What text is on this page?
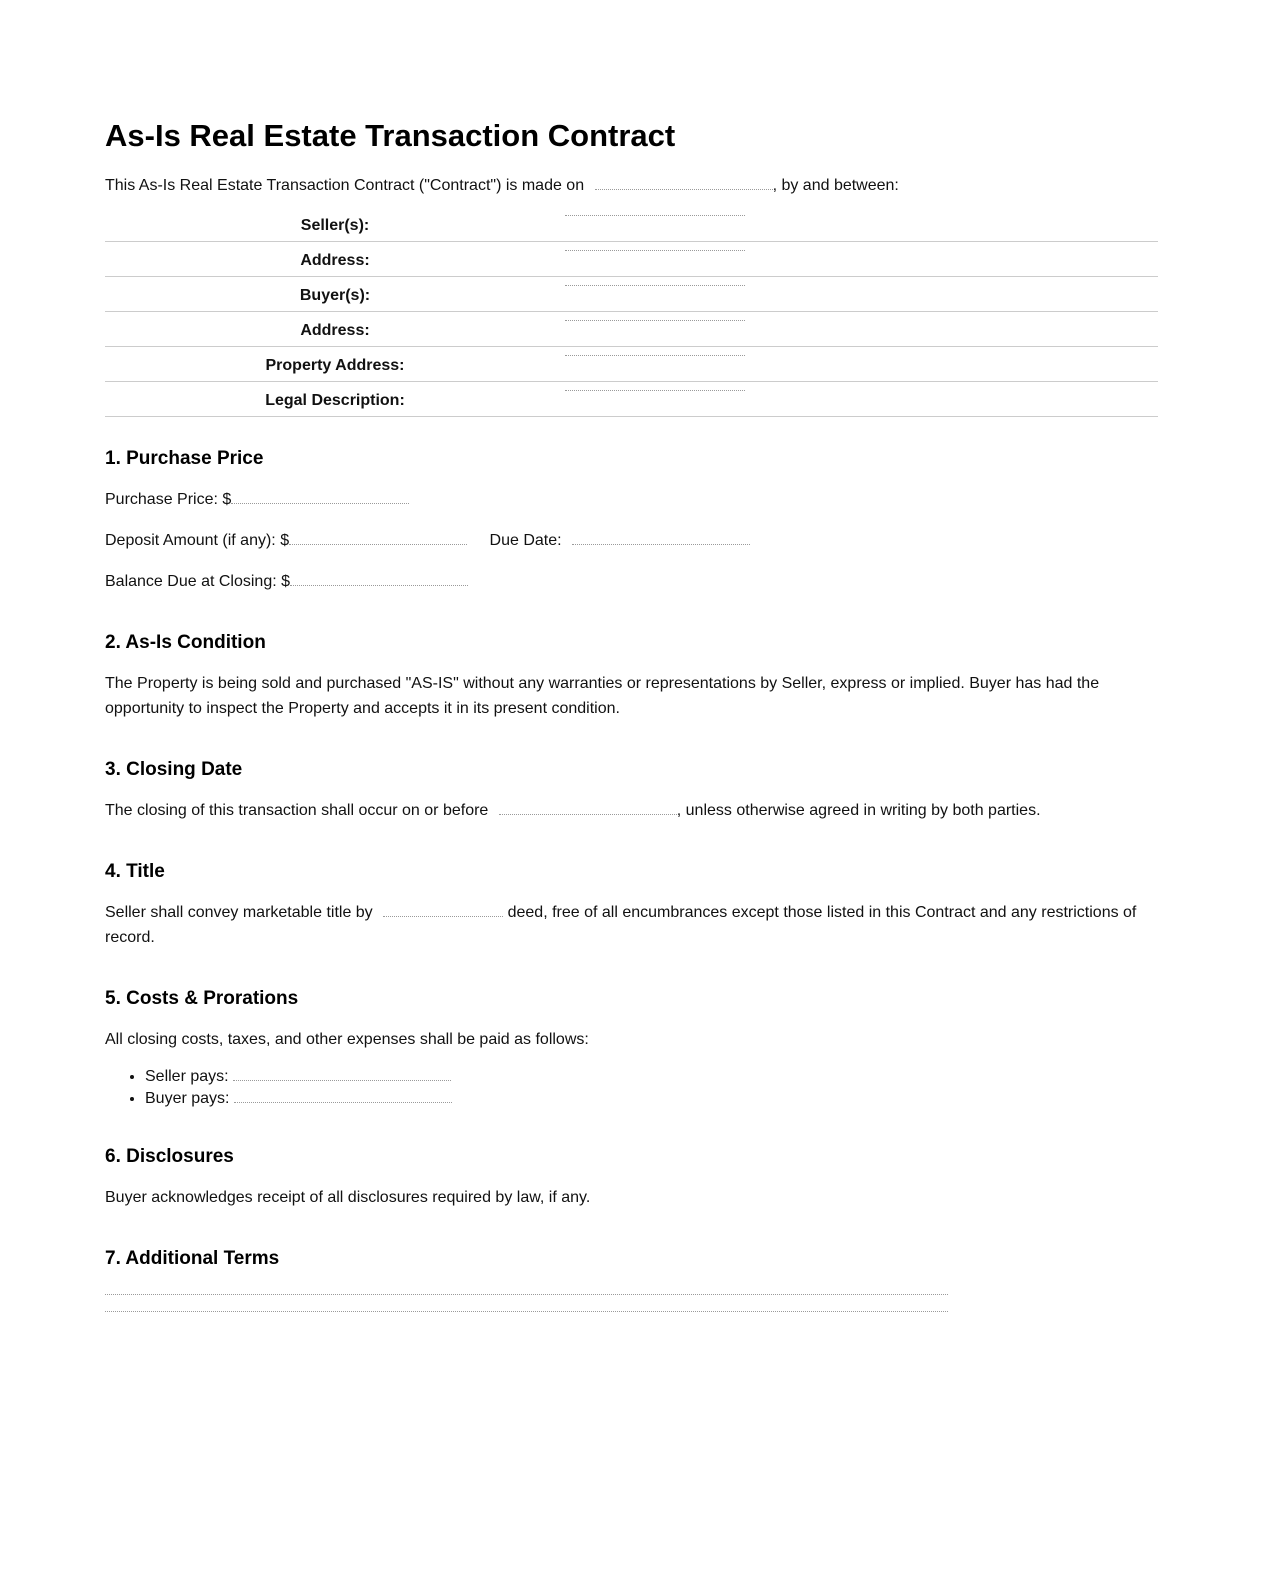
As-Is Real Estate Transaction Contract

This As-Is Real Estate Transaction Contract ("Contract") is made on	, by and between:

Seller(s):	

Address:	

Buyer(s):	

Address:	

Property Address:	

Legal Description:	
1. Purchase Price

Purchase Price: $

Deposit Amount (if any): $	Due Date:

Balance Due at Closing: $

2. As-Is Condition

The Property is being sold and purchased "AS-IS" without any warranties or representations by Seller, express or implied. Buyer has had the opportunity to inspect the Property and accepts it in its present condition.

3. Closing Date

The closing of this transaction shall occur on or before	, unless otherwise agreed in writing by both parties.

4. Title

Seller shall convey marketable title by	deed, free of all encumbrances except those listed in this Contract and any restrictions of record.

5. Costs & Prorations

All closing costs, taxes, and other expenses shall be paid as follows:

• Seller pays:
• Buyer pays:
6. Disclosures

Buyer acknowledges receipt of all disclosures required by law, if any.

7. Additional Terms
